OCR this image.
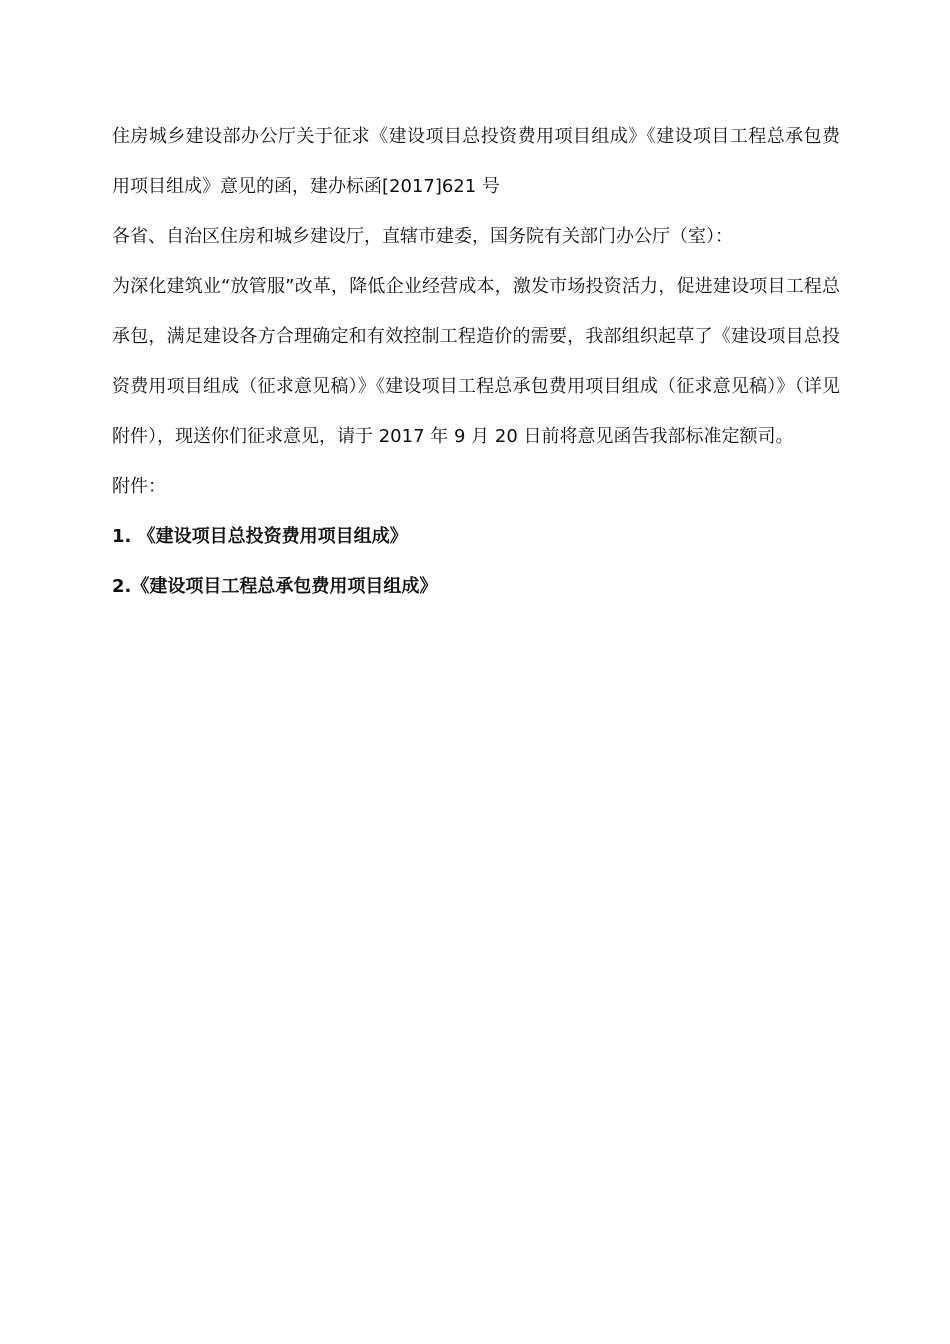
住房城乡建设部办公厅关于征求《建设项目总投资费用项目组成》《建设项目工程总承包费用项目组成》意见的函，建办标函[2017]621 号

各省、自治区住房和城乡建设厅，直辖市建委，国务院有关部门办公厅（室）：

为深化建筑业“放管服”改革，降低企业经营成本，激发市场投资活力，促进建设项目工程总承包，满足建设各方合理确定和有效控制工程造价的需要，我部组织起草了《建设项目总投资费用项目组成（征求意见稿）》《建设项目工程总承包费用项目组成（征求意见稿）》（详见附件），现送你们征求意见，请于 2017 年 9 月 20 日前将意见函告我部标准定额司。

附件：

1. 《建设项目总投资费用项目组成》

2.《建设项目工程总承包费用项目组成》
